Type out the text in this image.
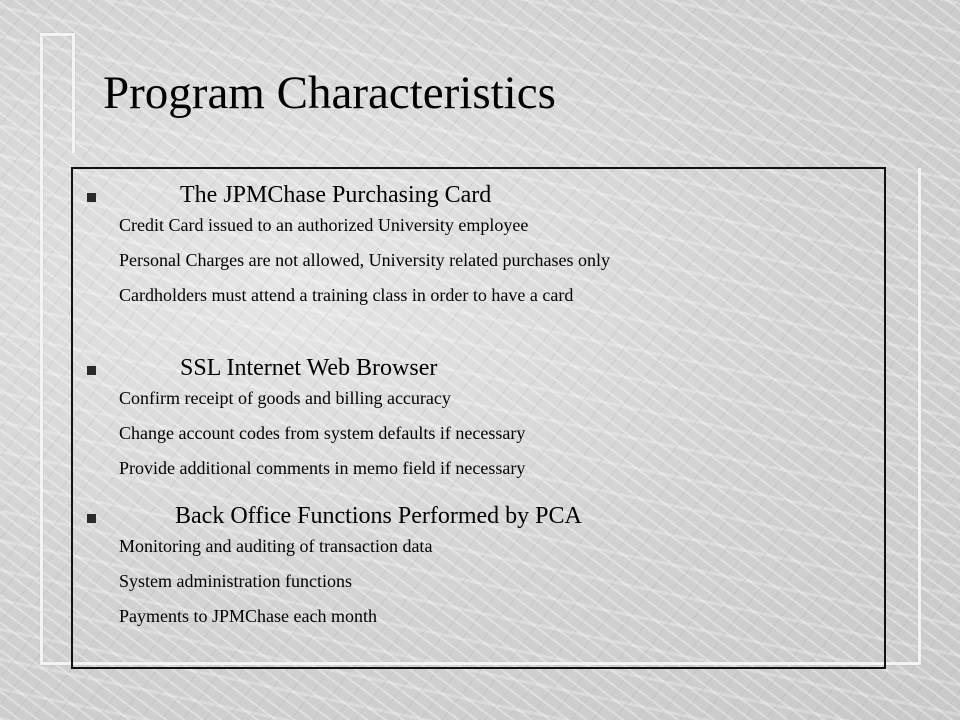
Program Characteristics
The JPMChase Purchasing Card
Credit Card issued to an authorized University employee
Personal Charges are not allowed, University related purchases only
Cardholders must attend a training class in order to have a card
SSL Internet Web Browser
Confirm receipt of goods and billing accuracy
Change account codes from system defaults if necessary
Provide additional comments in memo field if necessary
Back Office Functions Performed by PCA
Monitoring and auditing of transaction data
System administration functions
Payments to JPMChase each month
